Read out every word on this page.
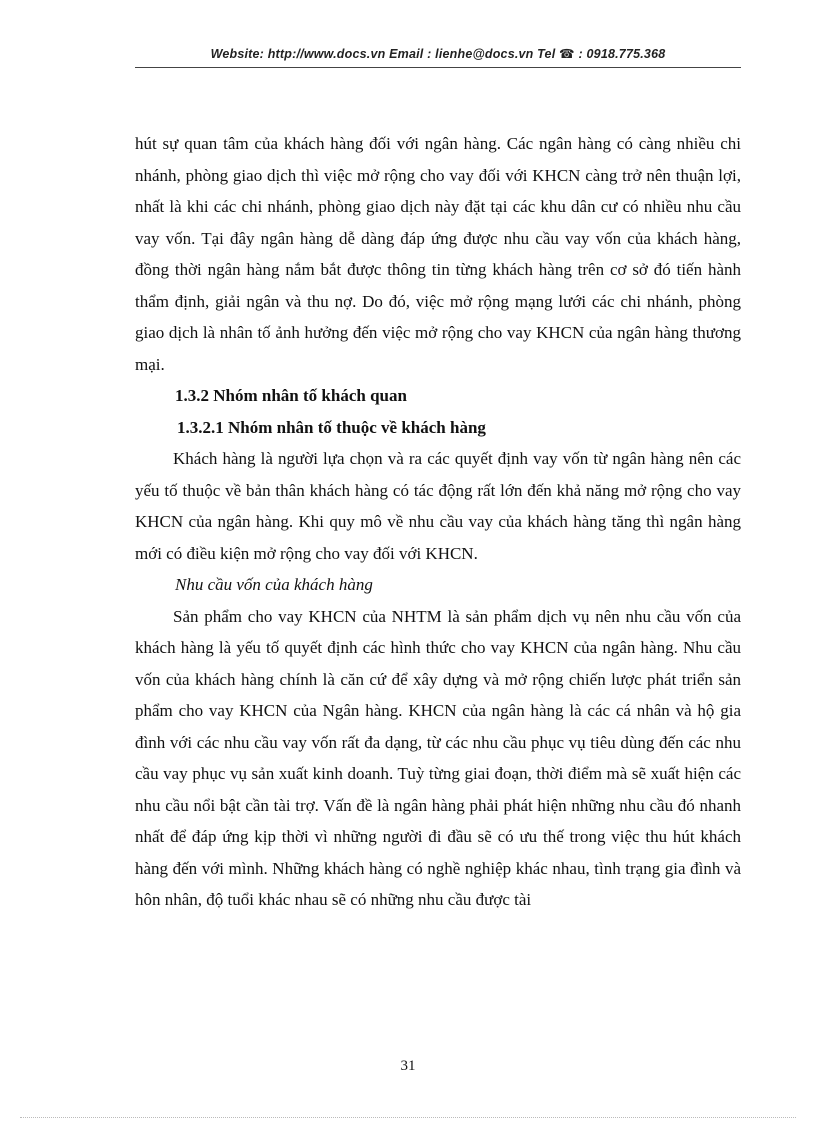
Website: http://www.docs.vn Email : lienhe@docs.vn Tel ☎ : 0918.775.368

hút sự quan tâm của khách hàng đối với ngân hàng. Các ngân hàng có càng nhiều chi nhánh, phòng giao dịch thì việc mở rộng cho vay đối với KHCN càng trở nên thuận lợi, nhất là khi các chi nhánh, phòng giao dịch này đặt tại các khu dân cư có nhiều nhu cầu vay vốn. Tại đây ngân hàng dễ dàng đáp ứng được nhu cầu vay vốn của khách hàng, đồng thời ngân hàng nắm bắt được thông tin từng khách hàng trên cơ sở đó tiến hành thẩm định, giải ngân và thu nợ. Do đó, việc mở rộng mạng lưới các chi nhánh, phòng giao dịch là nhân tố ảnh hưởng đến việc mở rộng cho vay KHCN của ngân hàng thương mại.

1.3.2 Nhóm nhân tố khách quan

1.3.2.1 Nhóm nhân tố thuộc về khách hàng

Khách hàng là người lựa chọn và ra các quyết định vay vốn từ ngân hàng nên các yếu tố thuộc về bản thân khách hàng có tác động rất lớn đến khả năng mở rộng cho vay KHCN của ngân hàng. Khi quy mô về nhu cầu vay của khách hàng tăng thì ngân hàng mới có điều kiện mở rộng cho vay đối với KHCN.

Nhu cầu vốn của khách hàng

Sản phẩm cho vay KHCN của NHTM là sản phẩm dịch vụ nên nhu cầu vốn của khách hàng là yếu tố quyết định các hình thức cho vay KHCN của ngân hàng. Nhu cầu vốn của khách hàng chính là căn cứ để xây dựng và mở rộng chiến lược phát triển sản phẩm cho vay KHCN của Ngân hàng. KHCN của ngân hàng là các cá nhân và hộ gia đình với các nhu cầu vay vốn rất đa dạng, từ các nhu cầu phục vụ tiêu dùng đến các nhu cầu vay phục vụ sản xuất kinh doanh. Tuỳ từng giai đoạn, thời điểm mà sẽ xuất hiện các nhu cầu nổi bật cần tài trợ. Vấn đề là ngân hàng phải phát hiện những nhu cầu đó nhanh nhất để đáp ứng kịp thời vì những người đi đầu sẽ có ưu thế trong việc thu hút khách hàng đến với mình. Những khách hàng có nghề nghiệp khác nhau, tình trạng gia đình và hôn nhân, độ tuổi khác nhau sẽ có những nhu cầu được tài

31
